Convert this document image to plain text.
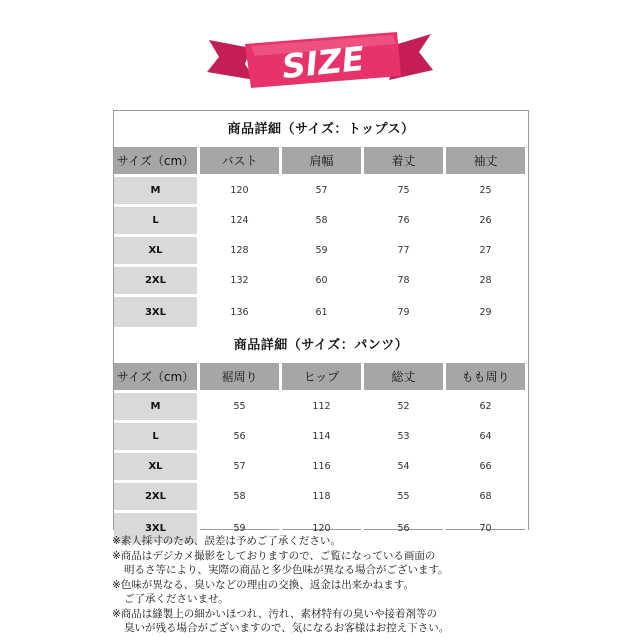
SIZE
商品詳細（サイズ：トップス）
サイズ（cm）	バスト	肩幅	着丈	袖丈
M	120	57	75	25
L	124	58	76	26
XL	128	59	77	27
2XL	132	60	78	28
3XL	136	61	79	29
商品詳細（サイズ：パンツ）
サイズ（cm）	裾周り	ヒップ	総丈	もも周り
M	55	112	52	62
L	56	114	53	64
XL	57	116	54	66
2XL	58	118	55	68
3XL	59	120	56	70
※素人採寸のため、誤差は予めご了承ください。
※商品はデジカメ撮影をしておりますので、ご覧になっている画面の
明るさ等により、実際の商品と多少色味が異なる場合がございます。
※色味が異なる、臭いなどの理由の交換、返金は出来かねます。
ご了承くださいませ。
※商品は縫製上の細かいほつれ、汚れ、素材特有の臭いや接着剤等の
臭いが残る場合がございますので、気になるお客様はお控え下さい。
